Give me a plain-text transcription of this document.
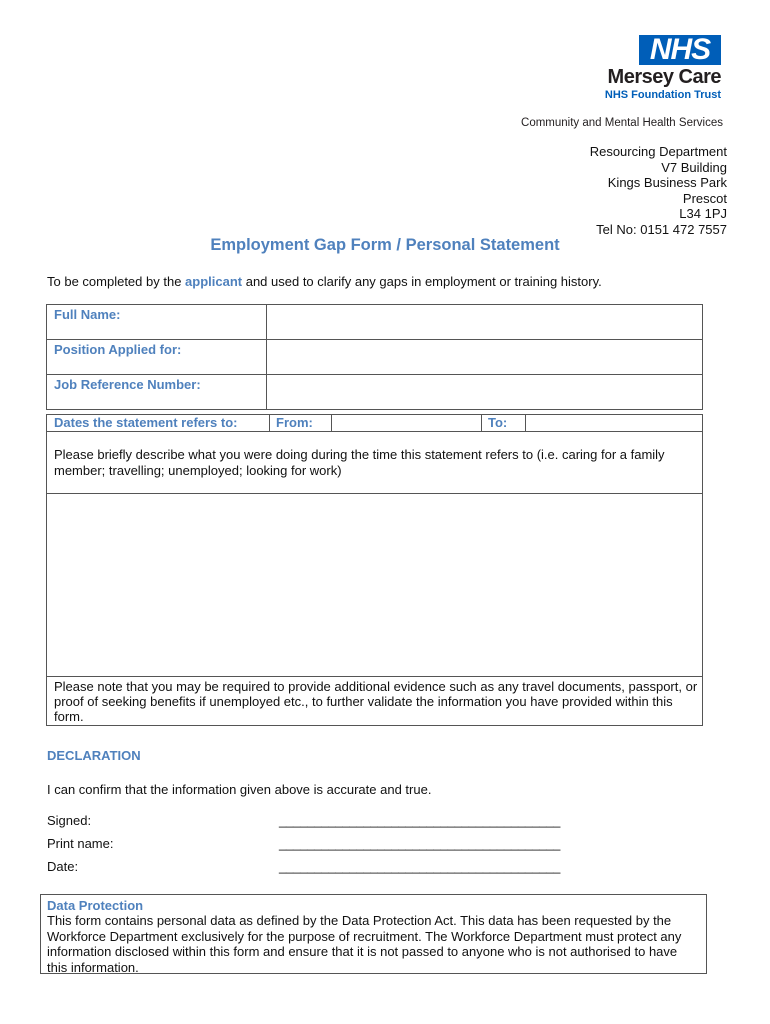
NHS
Mersey Care
NHS Foundation Trust
Community and Mental Health Services
Resourcing Department
V7 Building
Kings Business Park
Prescot
L34 1PJ
Tel No: 0151 472 7557
Employment Gap Form / Personal Statement
To be completed by the applicant and used to clarify any gaps in employment or training history.
Full Name:	
Position Applied for:	
Job Reference Number:	
Dates the statement refers to:	From:	To:
Please briefly describe what you were doing during the time this statement refers to (i.e. caring for a family member; travelling; unemployed; looking for work)
Please note that you may be required to provide additional evidence such as any travel documents, passport, or proof of seeking benefits if unemployed etc., to further validate the information you have provided within this form.
DECLARATION
I can confirm that the information given above is accurate and true.
Signed:	________________________________________
Print name:	________________________________________
Date:	________________________________________
Data Protection
This form contains personal data as defined by the Data Protection Act. This data has been requested by the Workforce Department exclusively for the purpose of recruitment. The Workforce Department must protect any information disclosed within this form and ensure that it is not passed to anyone who is not authorised to have this information.
